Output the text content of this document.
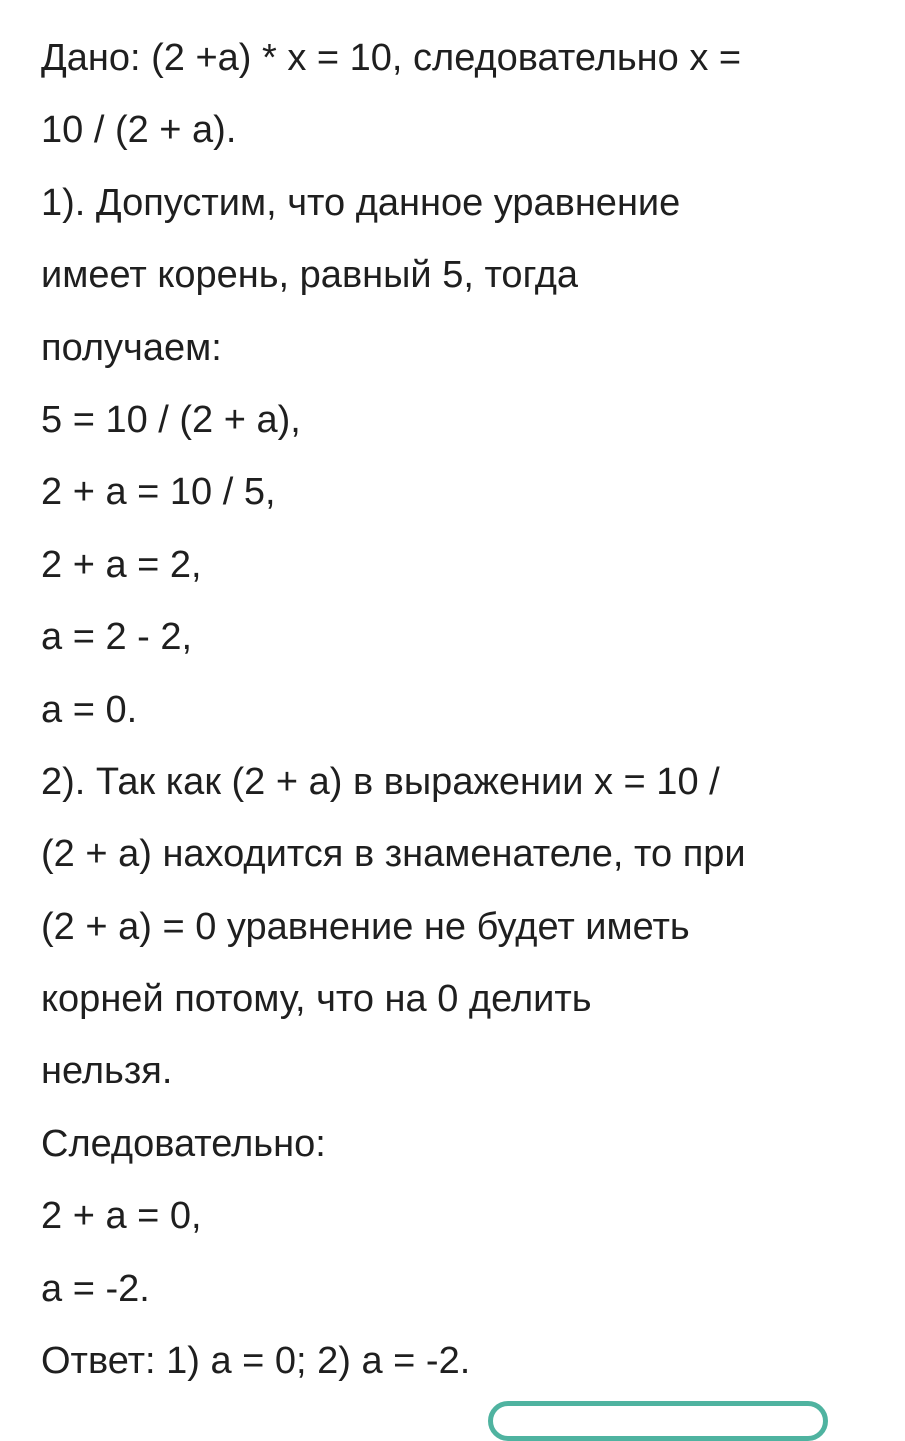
Дано: (2 +а) * х = 10, следовательно х =
10 / (2 + а).
1). Допустим, что данное уравнение
имеет корень, равный 5, тогда
получаем:
5 = 10 / (2 + а),
2 + а = 10 / 5,
2 + а = 2,
а = 2 - 2,
а = 0.
2). Так как (2 + а) в выражении х = 10 /
(2 + а) находится в знаменателе, то при
(2 + а) = 0 уравнение не будет иметь
корней потому, что на 0 делить
нельзя.
Следовательно:
2 + а = 0,
а = -2.
Ответ: 1) а = 0; 2) а = -2.
